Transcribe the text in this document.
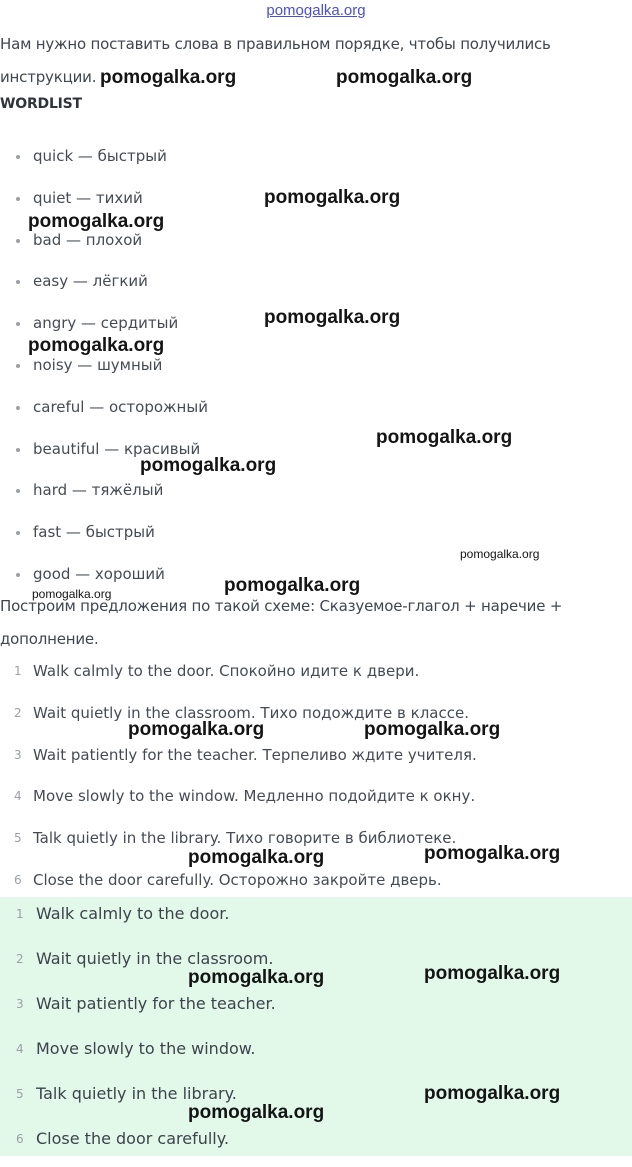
pomogalka.org

Нам нужно поставить слова в правильном порядке, чтобы получились инструкции.

WORDLIST
quick — быстрый
quiet — тихий
bad — плохой
easy — лёгкий
angry — сердитый
noisy — шумный
careful — осторожный
beautiful — красивый
hard — тяжёлый
fast — быстрый
good — хороший

Построим предложения по такой схеме: Сказуемое-глагол + наречие + дополнение.

1 Walk calmly to the door. Спокойно идите к двери.
2 Wait quietly in the classroom. Тихо подождите в классе.
3 Wait patiently for the teacher. Терпеливо ждите учителя.
4 Move slowly to the window. Медленно подойдите к окну.
5 Talk quietly in the library. Тихо говорите в библиотеке.
6 Close the door carefully. Осторожно закройте дверь.
1 Walk calmly to the door.
2 Wait quietly in the classroom.
3 Wait patiently for the teacher.
4 Move slowly to the window.
5 Talk quietly in the library.
6 Close the door carefully.
pomogalka.org	pomogalka.org
pomogalka.org
pomogalka.org
pomogalka.org
pomogalka.org
pomogalka.org
pomogalka.org
pomogalka.org
pomogalka.org
pomogalka.org
pomogalka.org	pomogalka.org
pomogalka.org	pomogalka.org
pomogalka.org	pomogalka.org
pomogalka.org
pomogalka.org
